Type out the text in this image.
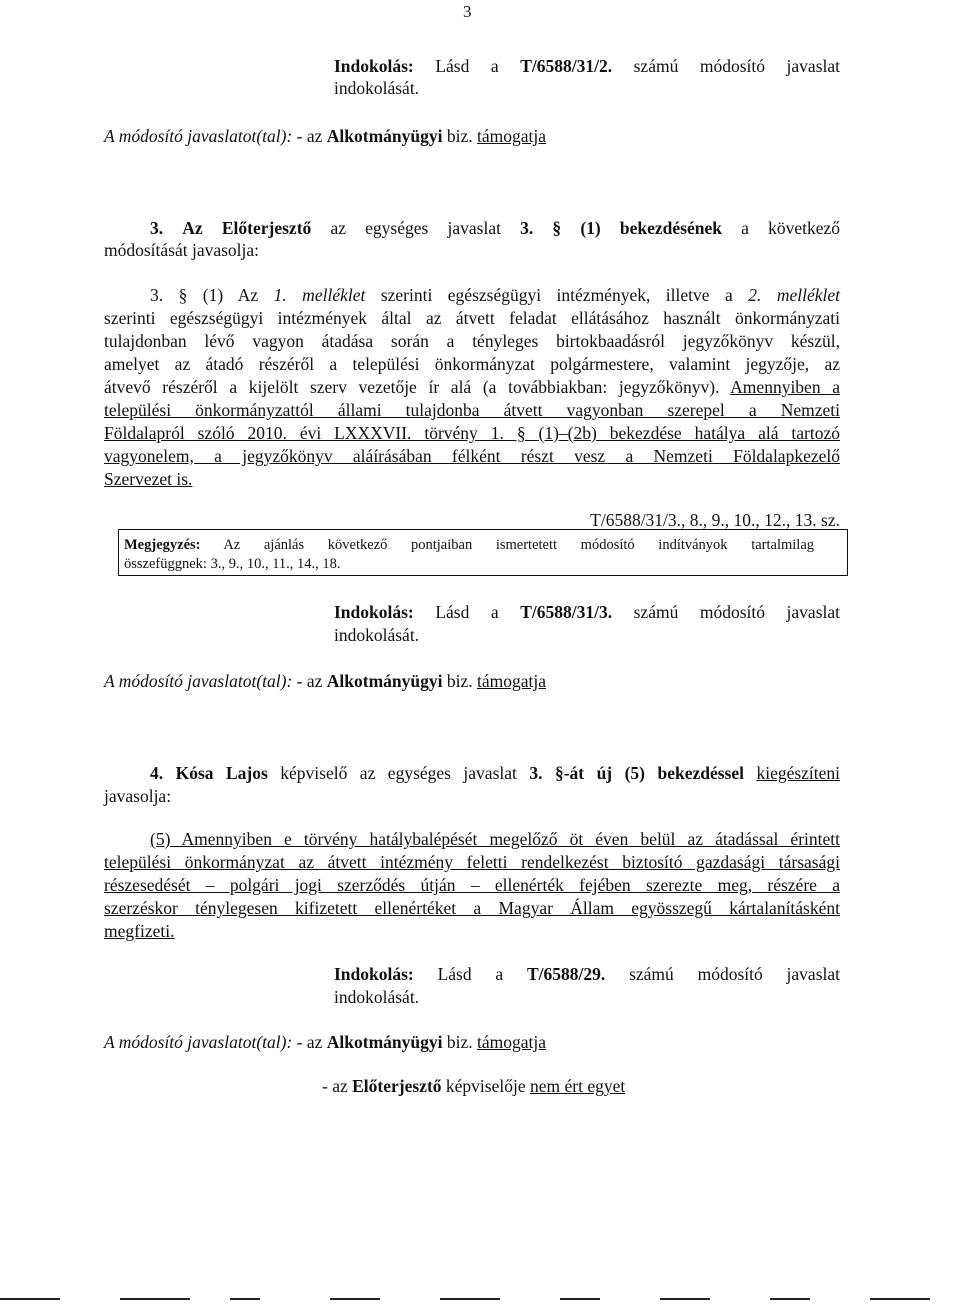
3
Indokolás: Lásd a T/6588/31/2. számú módosító javaslat
indokolását.
A módosító javaslatot(tal): - az Alkotmányügyi biz. támogatja
3. Az Előterjesztő az egységes javaslat 3. § (1) bekezdésének a következő
módosítását javasolja:
3. § (1) Az 1. melléklet szerinti egészségügyi intézmények, illetve a 2. melléklet
szerinti egészségügyi intézmények által az átvett feladat ellátásához használt önkormányzati
tulajdonban lévő vagyon átadása során a tényleges birtokbaadásról jegyzőkönyv készül,
amelyet az átadó részéről a települési önkormányzat polgármestere, valamint jegyzője, az
átvevő részéről a kijelölt szerv vezetője ír alá (a továbbiakban: jegyzőkönyv). Amennyiben a
települési önkormányzattól állami tulajdonba átvett vagyonban szerepel a Nemzeti
Földalapról szóló 2010. évi LXXXVII. törvény 1. § (1)–(2b) bekezdése hatálya alá tartozó
vagyonelem, a jegyzőkönyv aláírásában félként részt vesz a Nemzeti Földalapkezelő
Szervezet is.
T/6588/31/3., 8., 9., 10., 12., 13. sz.
Megjegyzés: Az ajánlás következő pontjaiban ismertetett módosító indítványok tartalmilag
összefüggnek: 3., 9., 10., 11., 14., 18.
Indokolás: Lásd a T/6588/31/3. számú módosító javaslat
indokolását.
A módosító javaslatot(tal): - az Alkotmányügyi biz. támogatja
4. Kósa Lajos képviselő az egységes javaslat 3. §-át új (5) bekezdéssel kiegészíteni
javasolja:
(5) Amennyiben e törvény hatálybalépését megelőző öt éven belül az átadással érintett
települési önkormányzat az átvett intézmény feletti rendelkezést biztosító gazdasági társasági
részesedését – polgári jogi szerződés útján – ellenérték fejében szerezte meg, részére a
szerzéskor ténylegesen kifizetett ellenértéket a Magyar Állam egyösszegű kártalanításként
megfizeti.
Indokolás: Lásd a T/6588/29. számú módosító javaslat
indokolását.
A módosító javaslatot(tal): - az Alkotmányügyi biz. támogatja
- az Előterjesztő képviselője nem ért egyet
